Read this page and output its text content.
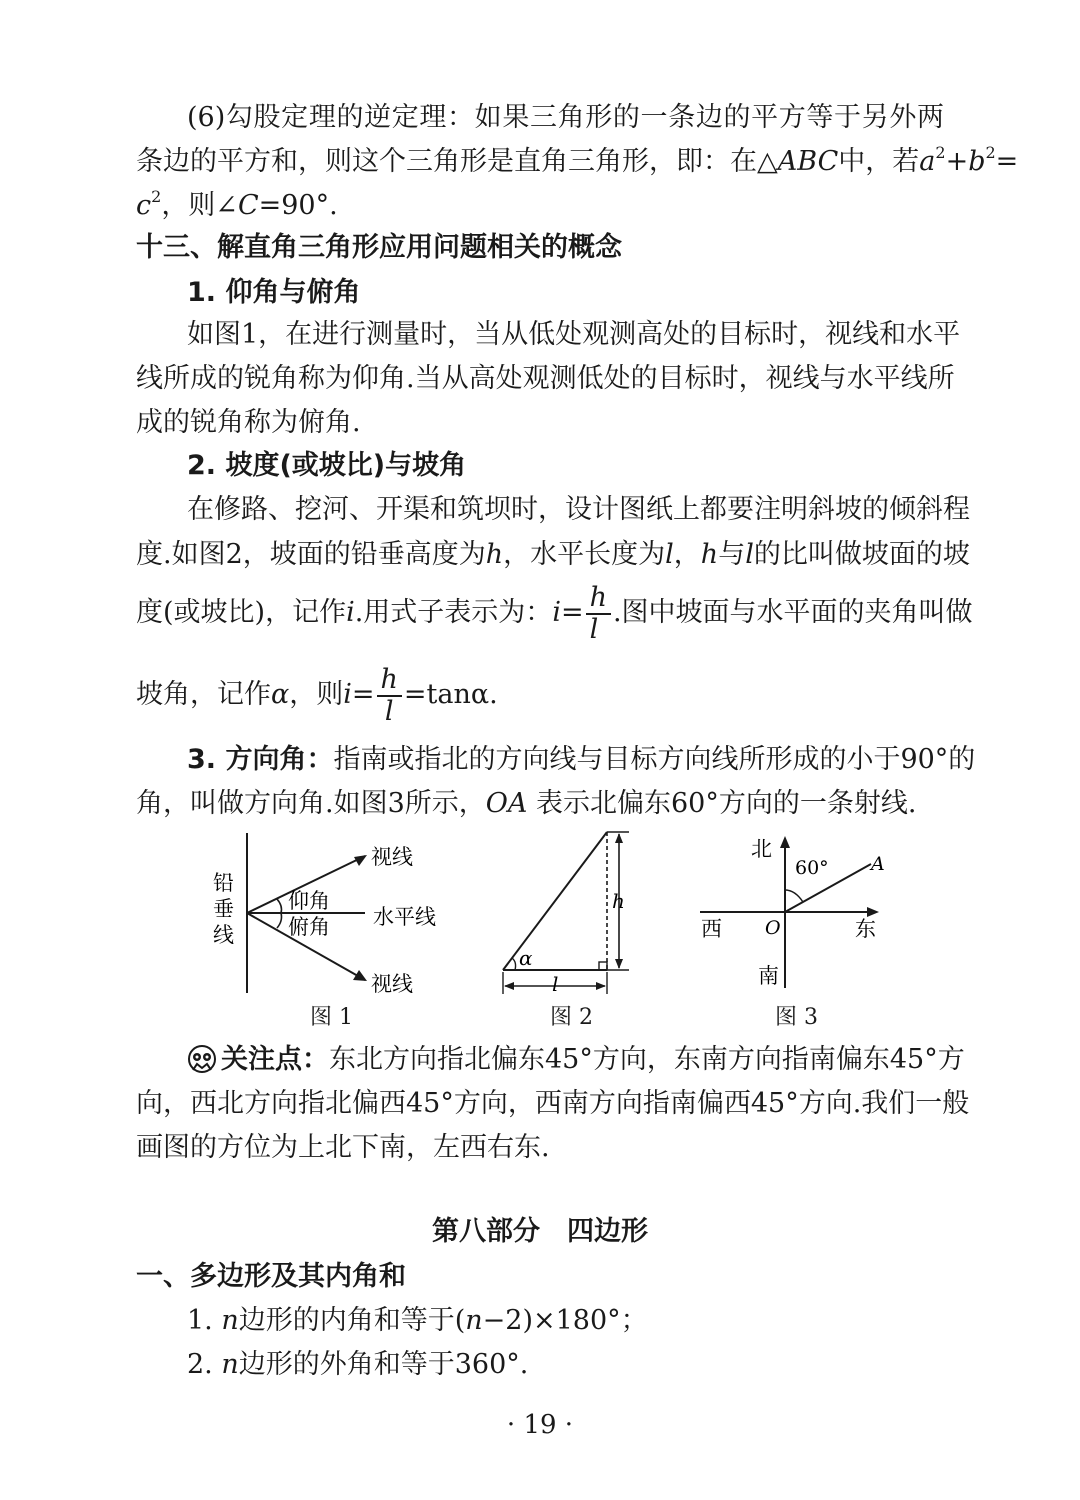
(6)勾股定理的逆定理：如果三角形的一条边的平方等于另外两
条边的平方和，则这个三角形是直角三角形，即：在△ABC中，若$a^2+b^2=$
$c^2$，则∠C=90°.
十三、解直角三角形应用问题相关的概念
1. 仰角与俯角
如图1，在进行测量时，当从低处观测高处的目标时，视线和水平
线所成的锐角称为仰角.当从高处观测低处的目标时，视线与水平线所
成的锐角称为俯角.
2. 坡度(或坡比)与坡角
在修路、挖河、开渠和筑坝时，设计图纸上都要注明斜坡的倾斜程
度.如图2，坡面的铅垂高度为h，水平长度为l，h与l的比叫做坡面的坡
度(或坡比)，记作i.用式子表示为：$i= \frac{h}{l}$ .图中坡面与水平面的夹角叫做
坡角，记作α，则$i= \frac{h}{l} =\tan\alpha$.
3. 方向角：指南或指北的方向线与目标方向线所形成的小于90°的
角，叫做方向角.如图3所示，OA 表示北偏东60°方向的一条射线.
铅
垂
线
视线
水平线
仰角
俯角
视线
图 1
h
l
α
图 2
北
60° A
西 O	东
南
图 3
关注点：东北方向指北偏东45°方向，东南方向指南偏东45°方
向，西北方向指北偏西45°方向，西南方向指南偏西45°方向.我们一般
画图的方位为上北下南，左西右东.
第八部分　四边形
一、多边形及其内角和
1. n边形的内角和等于(n−2)×180°；
2. n边形的外角和等于360°.
· 19 ·
